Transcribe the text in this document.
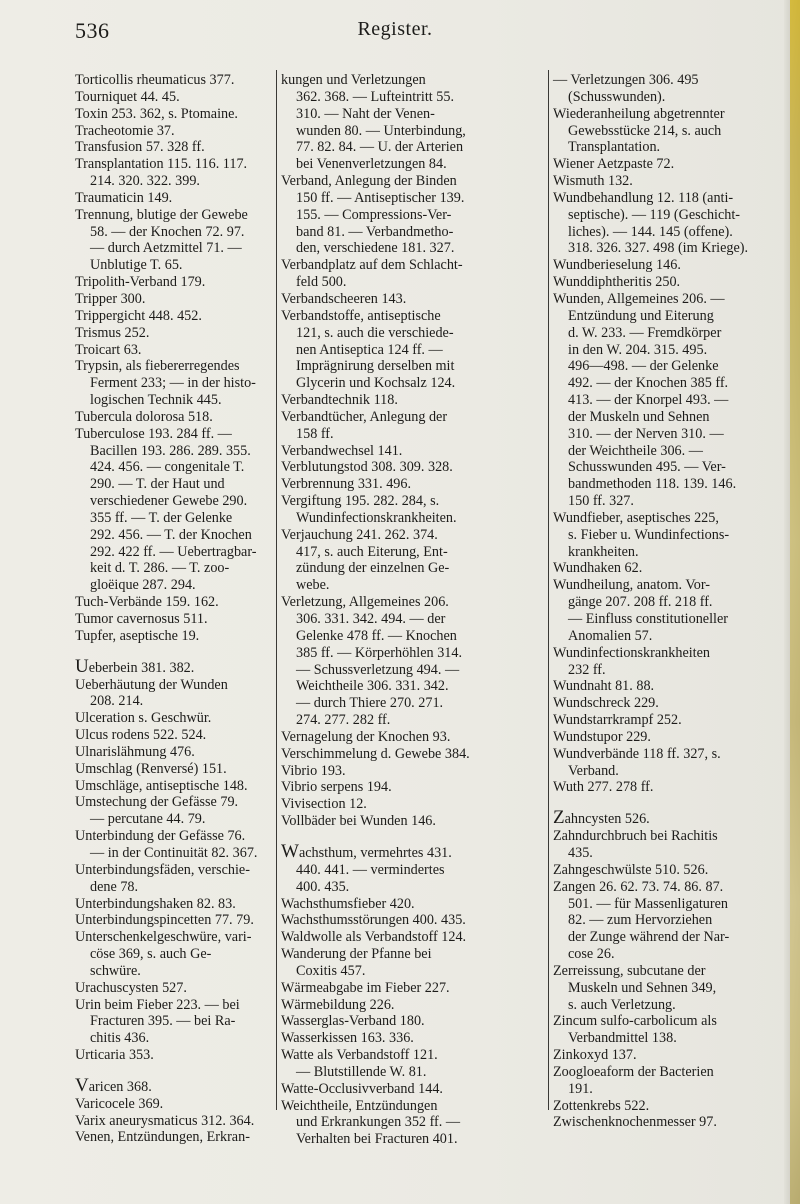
536	Register.
Torticollis rheumaticus 377.
Tourniquet 44. 45.
Toxin 253. 362, s. Ptomaine.
Tracheotomie 37.
Transfusion 57. 328 ff.
Transplantation 115. 116. 117.
214. 320. 322. 399.
Traumaticin 149.
Trennung, blutige der Gewebe
58. — der Knochen 72. 97.
— durch Aetzmittel 71. —
Unblutige T. 65.
Tripolith-Verband 179.
Tripper 300.
Trippergicht 448. 452.
Trismus 252.
Troicart 63.
Trypsin, als fiebererregendes
Ferment 233; — in der histo-
logischen Technik 445.
Tubercula dolorosa 518.
Tuberculose 193. 284 ff. —
Bacillen 193. 286. 289. 355.
424. 456. — congenitale T.
290. — T. der Haut und
verschiedener Gewebe 290.
355 ff. — T. der Gelenke
292. 456. — T. der Knochen
292. 422 ff. — Uebertragbar-
keit d. T. 286. — T. zoo-
gloëique 287. 294.
Tuch-Verbände 159. 162.
Tumor cavernosus 511.
Tupfer, aseptische 19.
Ueberbein 381. 382.
Ueberhäutung der Wunden
208. 214.
Ulceration s. Geschwür.
Ulcus rodens 522. 524.
Ulnarislähmung 476.
Umschlag (Renversé) 151.
Umschläge, antiseptische 148.
Umstechung der Gefässe 79.
— percutane 44. 79.
Unterbindung der Gefässe 76.
— in der Continuität 82. 367.
Unterbindungsfäden, verschie-
dene 78.
Unterbindungshaken 82. 83.
Unterbindungspincetten 77. 79.
Unterschenkelgeschwüre, vari-
cöse 369, s. auch Ge-
schwüre.
Urachuscysten 527.
Urin beim Fieber 223. — bei
Fracturen 395. — bei Ra-
chitis 436.
Urticaria 353.
Varicen 368.
Varicocele 369.
Varix aneurysmaticus 312. 364.
Venen, Entzündungen, Erkran-
kungen und Verletzungen
362. 368. — Lufteintritt 55.
310. — Naht der Venen-
wunden 80. — Unterbindung,
77. 82. 84. — U. der Arterien
bei Venenverletzungen 84.
Verband, Anlegung der Binden
150 ff. — Antiseptischer 139.
155. — Compressions-Ver-
band 81. — Verbandmetho-
den, verschiedene 181. 327.
Verbandplatz auf dem Schlacht-
feld 500.
Verbandscheeren 143.
Verbandstoffe, antiseptische
121, s. auch die verschiede-
nen Antiseptica 124 ff. —
Imprägnirung derselben mit
Glycerin und Kochsalz 124.
Verbandtechnik 118.
Verbandtücher, Anlegung der
158 ff.
Verbandwechsel 141.
Verblutungstod 308. 309. 328.
Verbrennung 331. 496.
Vergiftung 195. 282. 284, s.
Wundinfectionskrankheiten.
Verjauchung 241. 262. 374.
417, s. auch Eiterung, Ent-
zündung der einzelnen Ge-
webe.
Verletzung, Allgemeines 206.
306. 331. 342. 494. — der
Gelenke 478 ff. — Knochen
385 ff. — Körperhöhlen 314.
— Schussverletzung 494. —
Weichtheile 306. 331. 342.
— durch Thiere 270. 271.
274. 277. 282 ff.
Vernagelung der Knochen 93.
Verschimmelung d. Gewebe 384.
Vibrio 193.
Vibrio serpens 194.
Vivisection 12.
Vollbäder bei Wunden 146.
Wachsthum, vermehrtes 431.
440. 441. — vermindertes
400. 435.
Wachsthumsfieber 420.
Wachsthumsstörungen 400. 435.
Waldwolle als Verbandstoff 124.
Wanderung der Pfanne bei
Coxitis 457.
Wärmeabgabe im Fieber 227.
Wärmebildung 226.
Wasserglas-Verband 180.
Wasserkissen 163. 336.
Watte als Verbandstoff 121.
— Blutstillende W. 81.
Watte-Occlusivverband 144.
Weichtheile, Entzündungen
und Erkrankungen 352 ff. —
Verhalten bei Fracturen 401.
— Verletzungen 306. 495
(Schusswunden).
Wiederanheilung abgetrennter
Gewebsstücke 214, s. auch
Transplantation.
Wiener Aetzpaste 72.
Wismuth 132.
Wundbehandlung 12. 118 (anti-
septische). — 119 (Geschicht-
liches). — 144. 145 (offene).
318. 326. 327. 498 (im Kriege).
Wundberieselung 146.
Wunddiphtheritis 250.
Wunden, Allgemeines 206. —
Entzündung und Eiterung
d. W. 233. — Fremdkörper
in den W. 204. 315. 495.
496—498. — der Gelenke
492. — der Knochen 385 ff.
413. — der Knorpel 493. —
der Muskeln und Sehnen
310. — der Nerven 310. —
der Weichtheile 306. —
Schusswunden 495. — Ver-
bandmethoden 118. 139. 146.
150 ff. 327.
Wundfieber, aseptisches 225,
s. Fieber u. Wundinfections-
krankheiten.
Wundhaken 62.
Wundheilung, anatom. Vor-
gänge 207. 208 ff. 218 ff.
— Einfluss constitutioneller
Anomalien 57.
Wundinfectionskrankheiten
232 ff.
Wundnaht 81. 88.
Wundschreck 229.
Wundstarrkrampf 252.
Wundstupor 229.
Wundverbände 118 ff. 327, s.
Verband.
Wuth 277. 278 ff.
Zahncysten 526.
Zahndurchbruch bei Rachitis
435.
Zahngeschwülste 510. 526.
Zangen 26. 62. 73. 74. 86. 87.
501. — für Massenligaturen
82. — zum Hervorziehen
der Zunge während der Nar-
cose 26.
Zerreissung, subcutane der
Muskeln und Sehnen 349,
s. auch Verletzung.
Zincum sulfo-carbolicum als
Verbandmittel 138.
Zinkoxyd 137.
Zoogloeaform der Bacterien
191.
Zottenkrebs 522.
Zwischenknochenmesser 97.
